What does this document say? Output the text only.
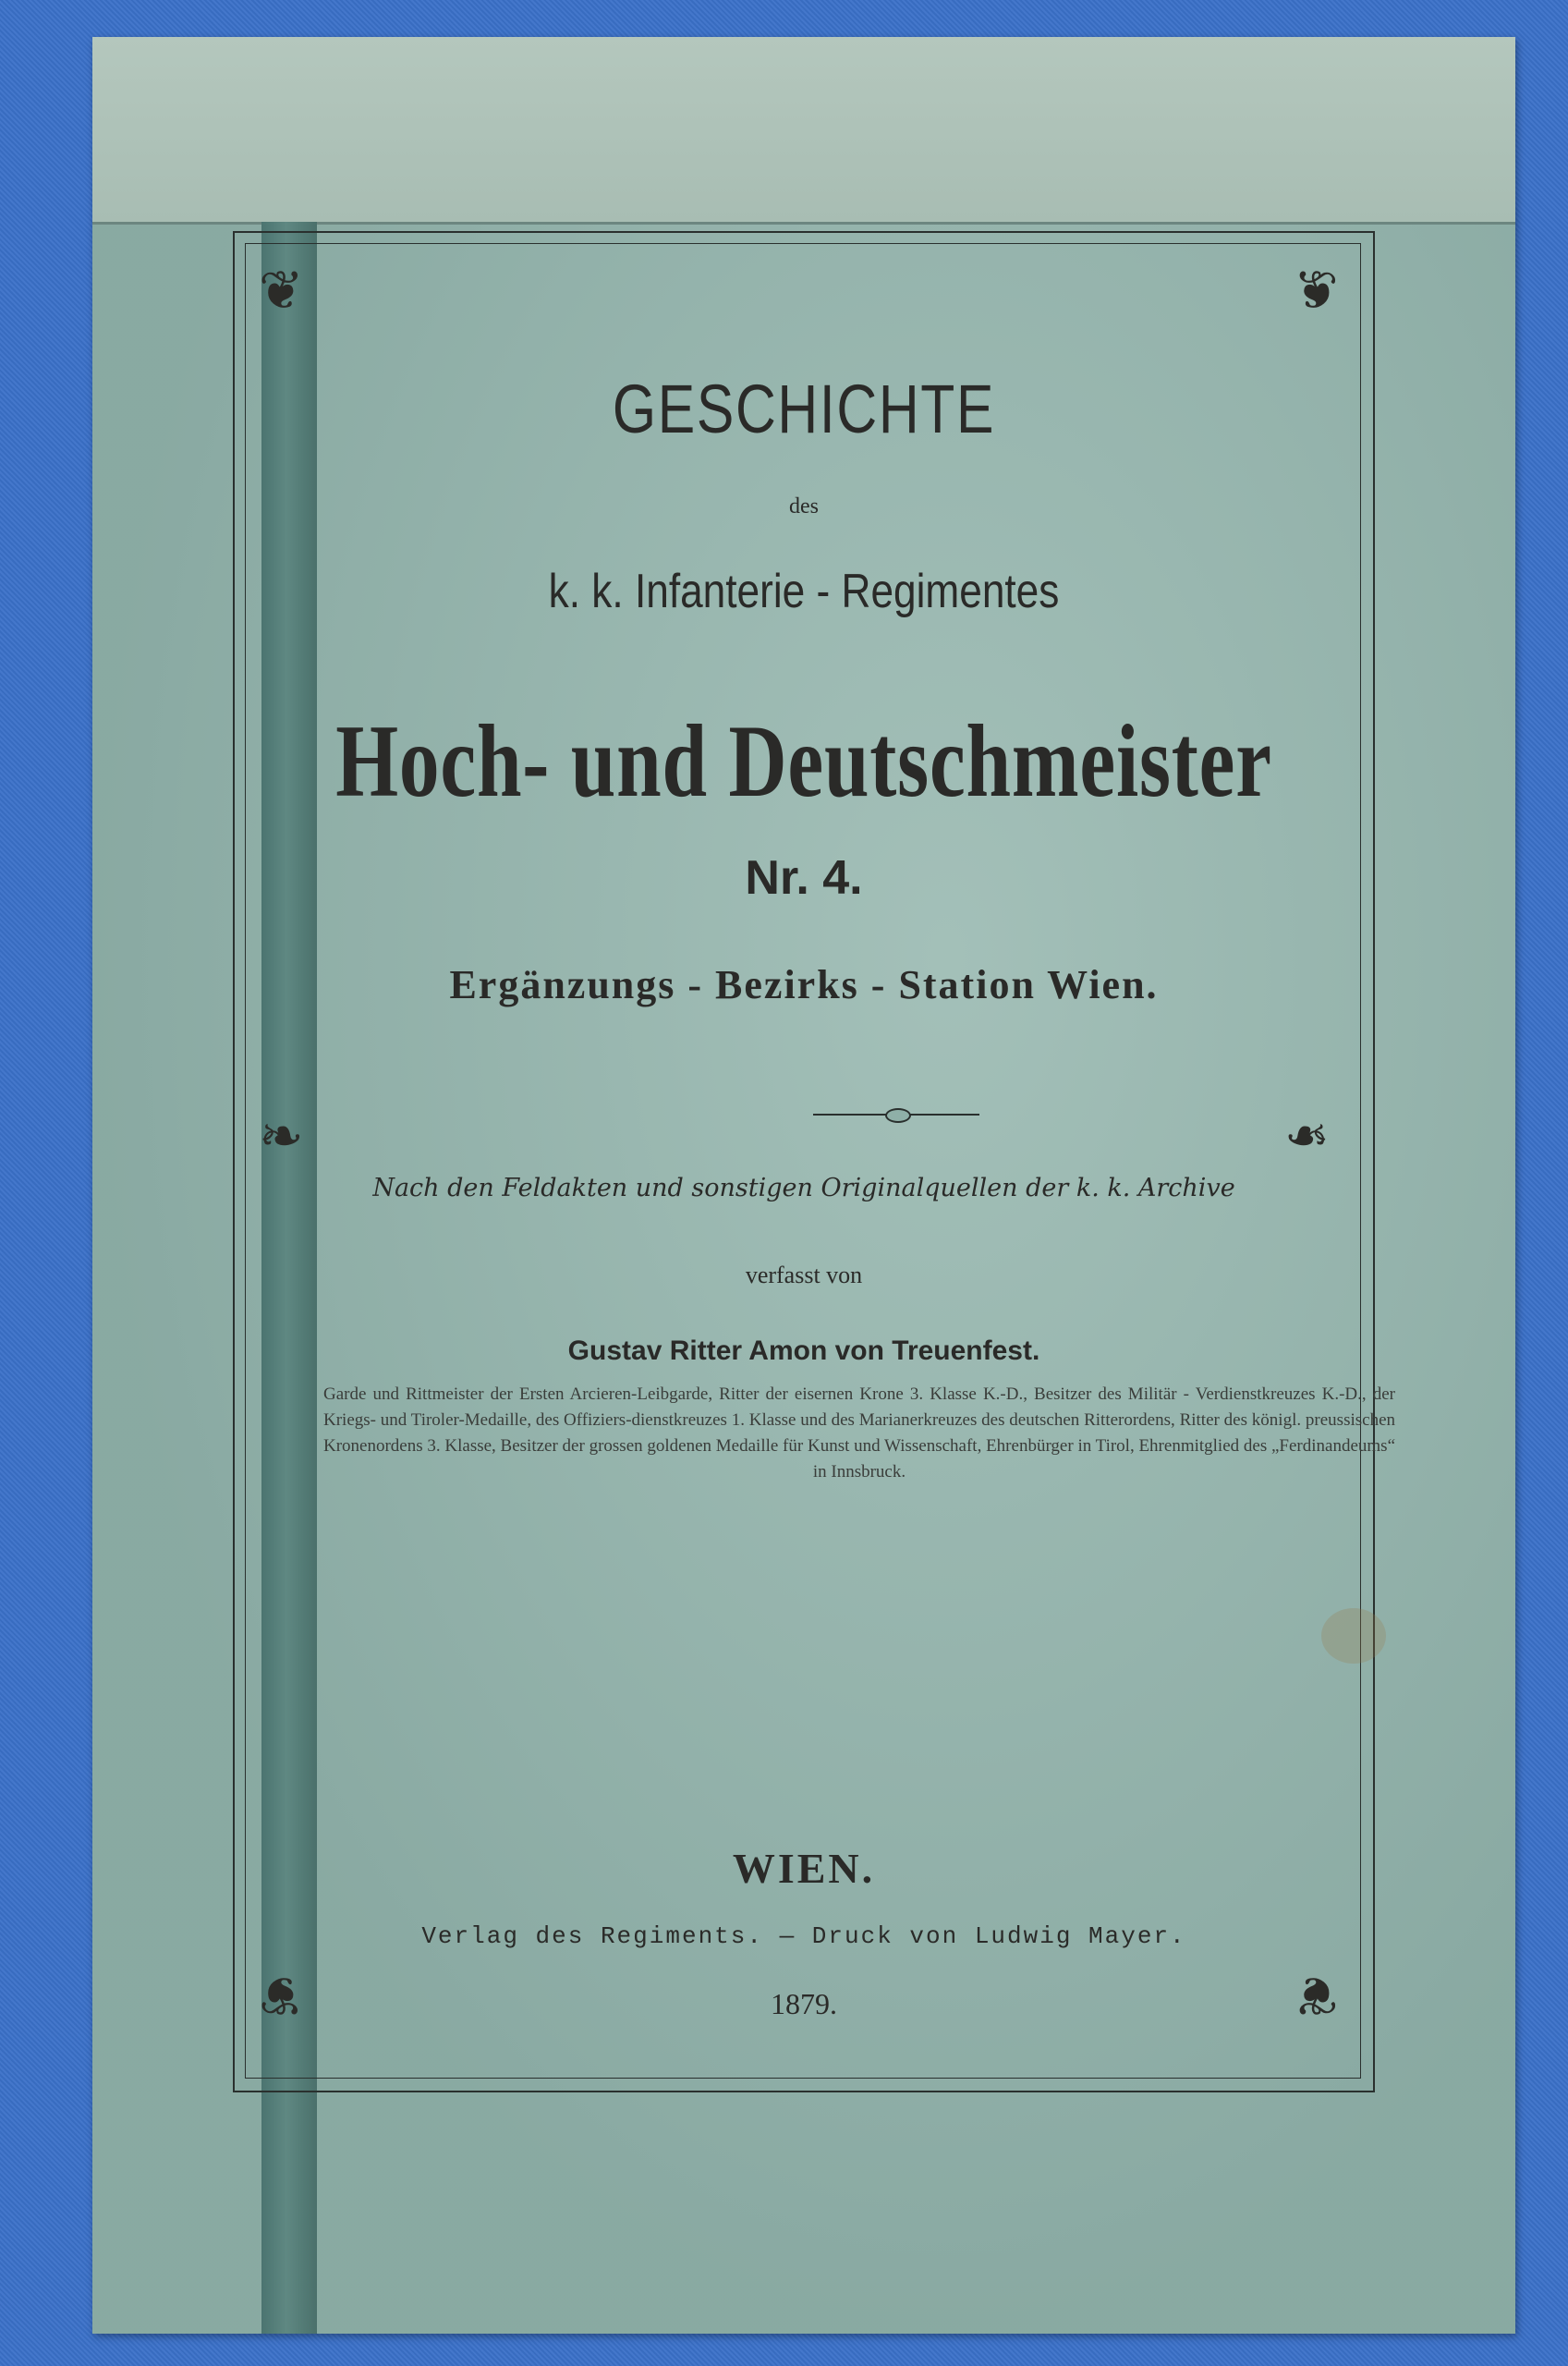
❦	❦
❧	❧
❦	❦
GESCHICHTE
des
k. k. Infanterie - Regimentes
Hoch- und Deutschmeister
Nr. 4.
Ergänzungs - Bezirks - Station Wien.
Nach den Feldakten und sonstigen Originalquellen der k. k. Archive
verfasst von
Gustav Ritter Amon von Treuenfest.
Garde und Rittmeister der Ersten Arcieren-Leibgarde, Ritter der eisernen Krone 3. Klasse K.-D., Besitzer des Militär - Verdienstkreuzes K.-D., der Kriegs- und Tiroler-Medaille, des Offiziers-dienstkreuzes 1. Klasse und des Marianerkreuzes des deutschen Ritterordens, Ritter des königl. preussischen Kronenordens 3. Klasse, Besitzer der grossen goldenen Medaille für Kunst und Wissenschaft, Ehrenbürger in Tirol, Ehrenmitglied des „Ferdinandeums“ in Innsbruck.
WIEN.
Verlag des Regiments. — Druck von Ludwig Mayer.
1879.
